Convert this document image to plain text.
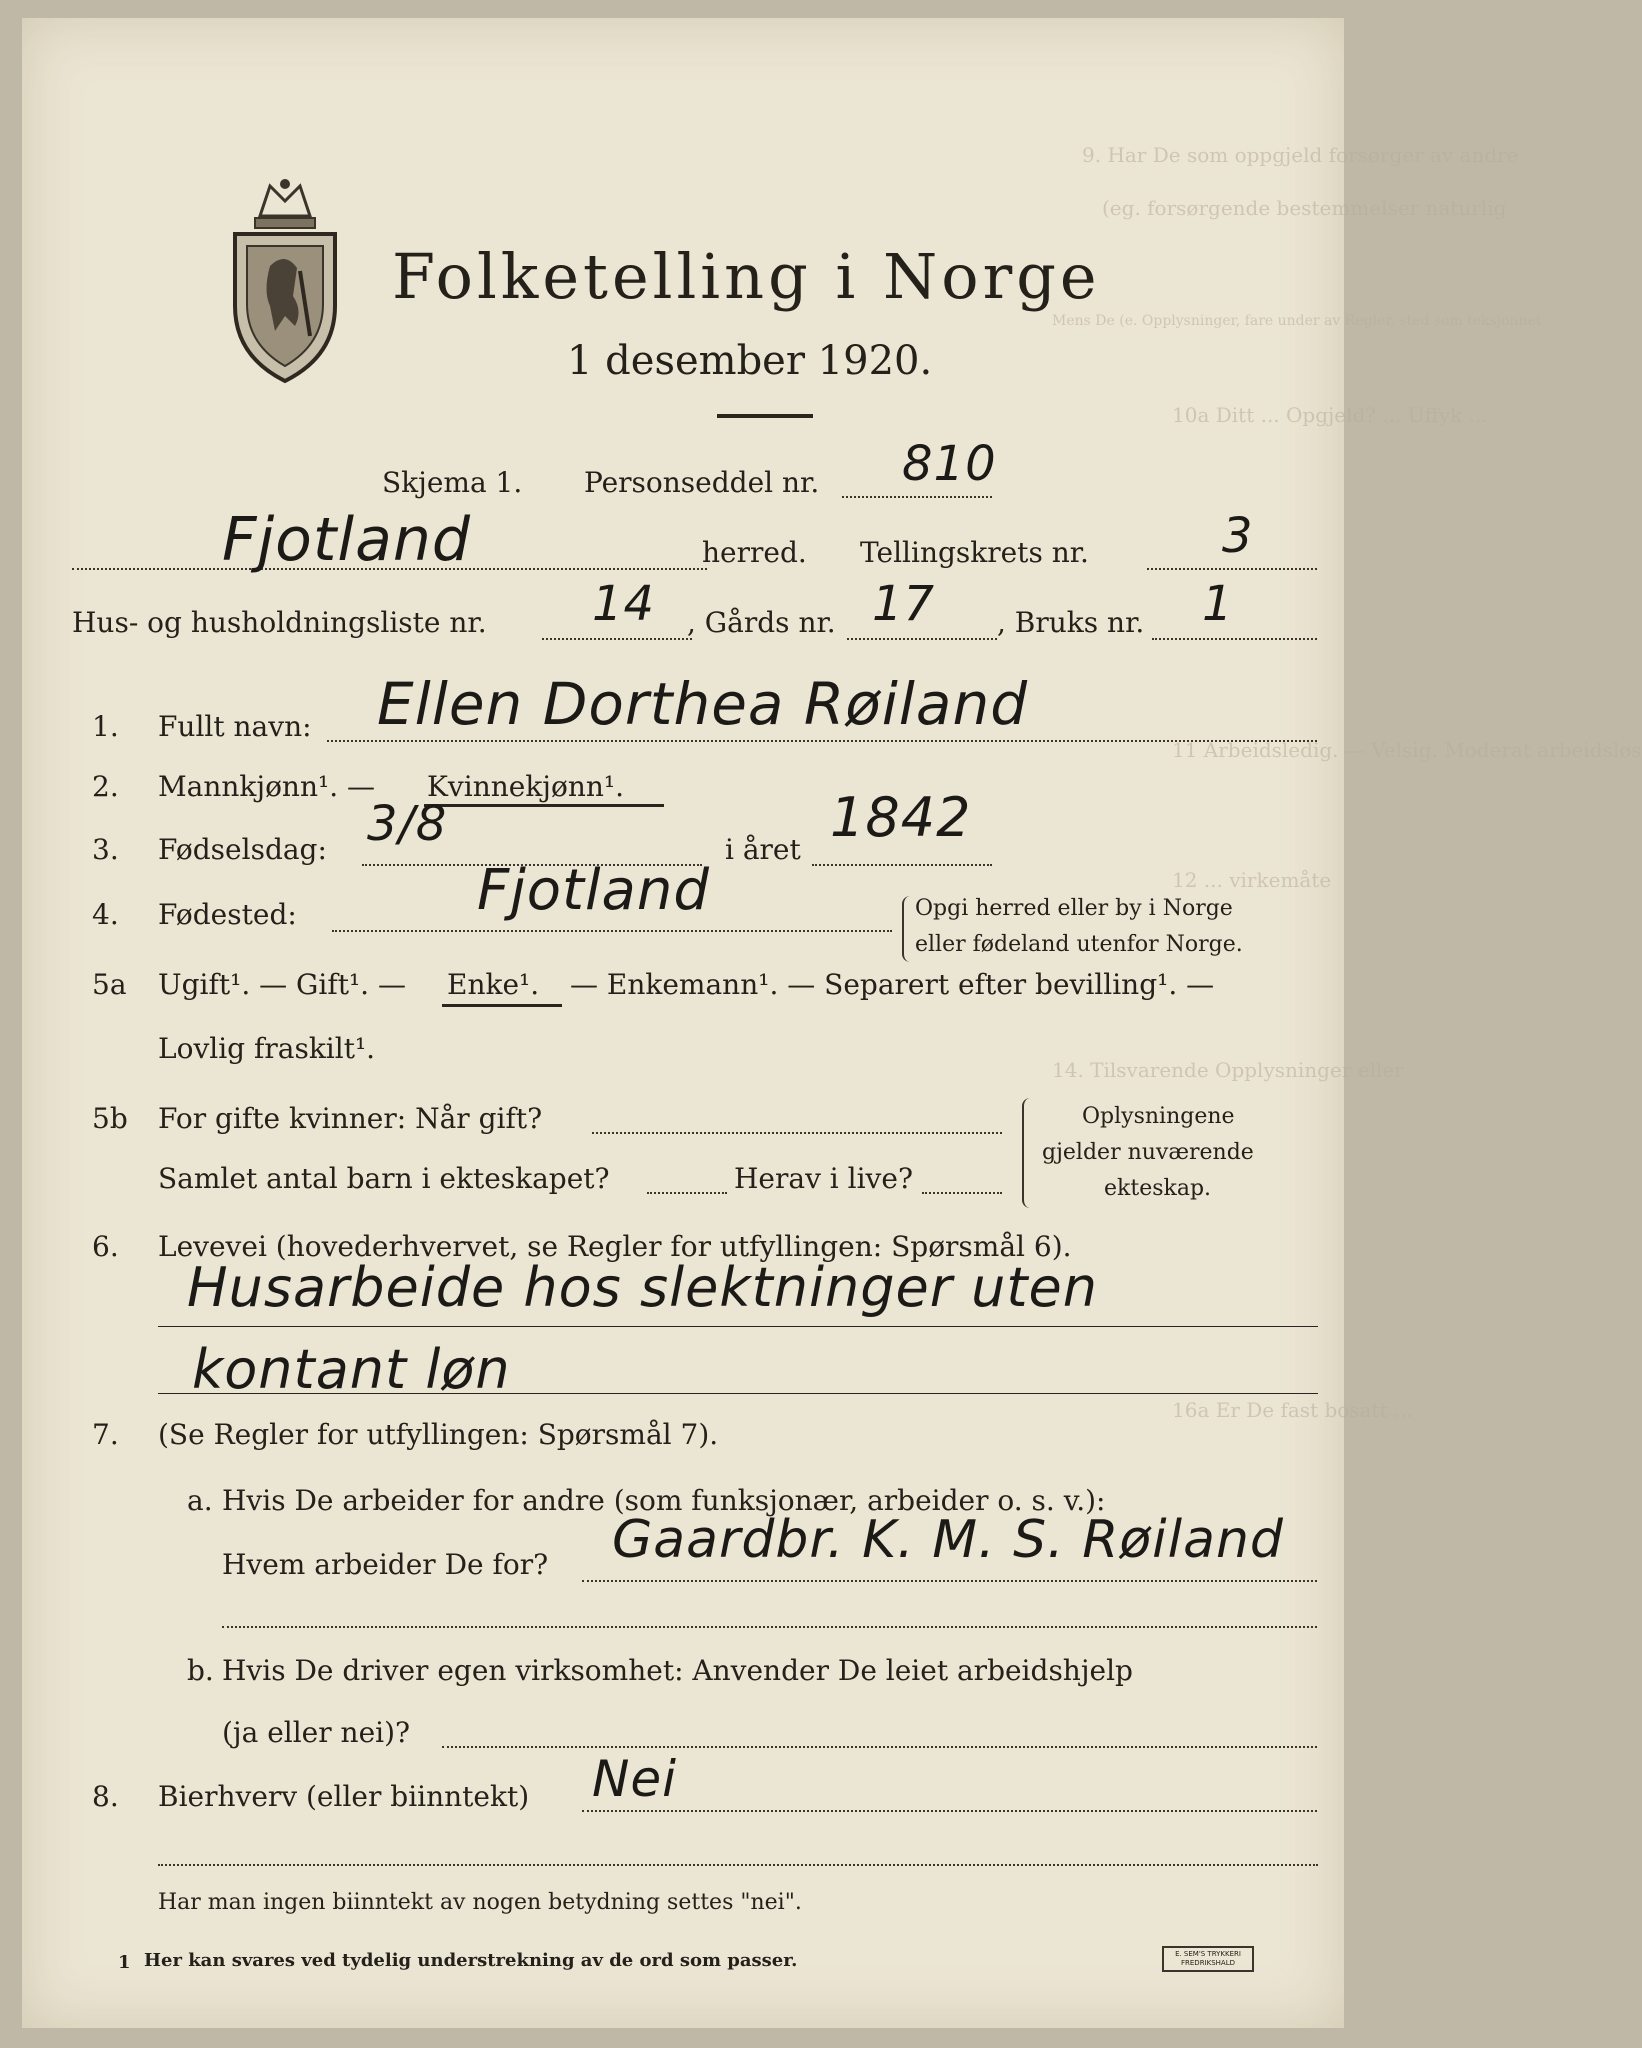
9. Har De som oppgjeld forsørger av andre
(eg. forsørgende bestemmelser naturlig
Mens De (e. Opplysninger, fare under av Regler, sted som teksjonnet
10a Ditt ... Opgjeld? ... Uffyk ...
11 Arbeidsledig. — Velsig. Moderat arbeidsløs
12 ... virkemåte
14. Tilsvarende Opplysninger eller
16a Er De fast bosatt ...
Folketelling i Norge
1 desember 1920.
Skjema 1. Personseddel nr. 810
Fjotland	herred. Tellingskrets nr.	3
Hus- og husholdningsliste nr. 14 , Gårds nr. 17 , Bruks nr. 1
1. Fullt navn: Ellen Dorthea Røiland
2. Mannkjønn¹. — Kvinnekjønn¹.
3. Fødselsdag: 3/8	i året
1842
4. Fødested:	Fjotland	Opgi herred eller by i Norge
eller fødeland utenfor Norge.
5a Ugift¹. — Gift¹. — Enke¹. — Enkemann¹. — Separert efter bevilling¹. —
Lovlig fraskilt¹.
5b For gifte kvinner: Når gift?
Samlet antal barn i ekteskapet?	Herav i live?
Oplysningene
gjelder nuværende
ekteskap.
6. Levevei (hovederhvervet, se Regler for utfyllingen: Spørsmål 6).
Husarbeide hos slektninger uten
kontant løn
7. (Se Regler for utfyllingen: Spørsmål 7).
a. Hvis De arbeider for andre (som funksjonær, arbeider o. s. v.):
Hvem arbeider De for? Gaardbr. K. M. S. Røiland
b. Hvis De driver egen virksomhet: Anvender De leiet arbeidshjelp
(ja eller nei)?
8. Bierhverv (eller biinntekt) Nei
Har man ingen biinntekt av nogen betydning settes "nei".
1 Her kan svares ved tydelig understrekning av de ord som passer.	E. SEM'S TRYKKERI FREDRIKSHALD
